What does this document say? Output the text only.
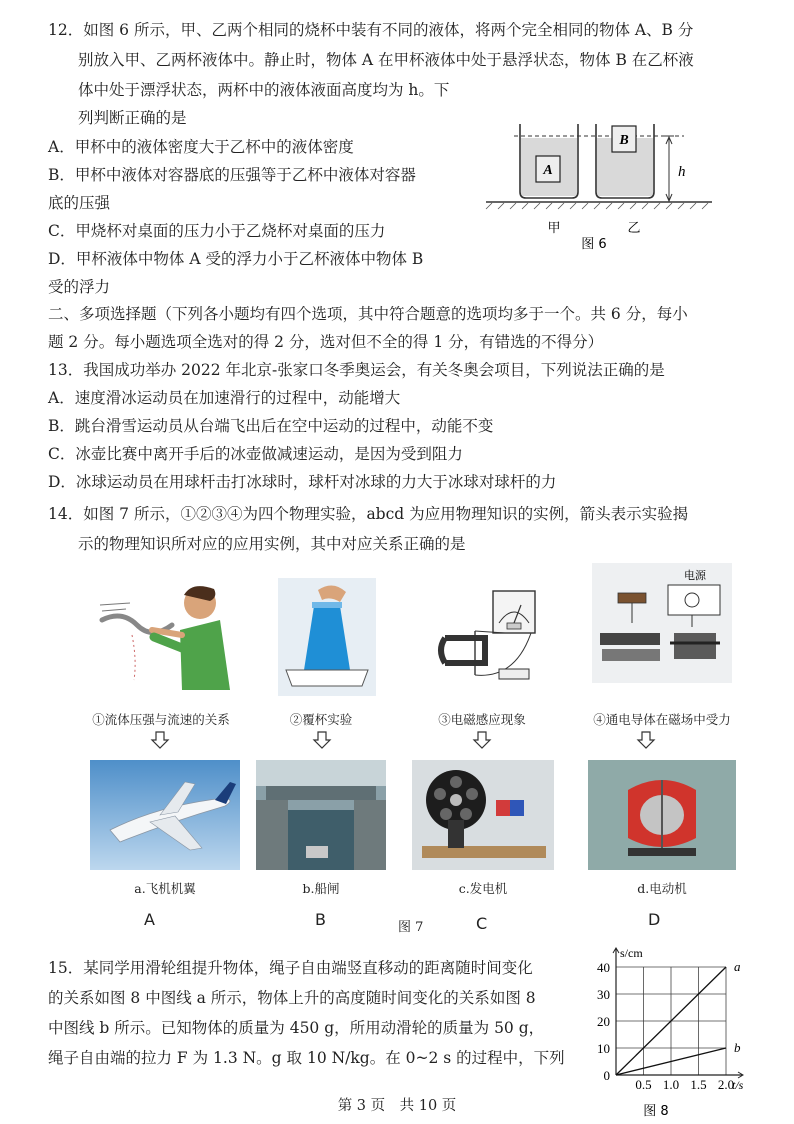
12．如图 6 所示，甲、乙两个相同的烧杯中装有不同的液体，将两个完全相同的物体 A、B 分
别放入甲、乙两杯液体中。静止时，物体 A 在甲杯液体中处于悬浮状态，物体 B 在乙杯液
体中处于漂浮状态，两杯中的液体液面高度均为 h。下
列判断正确的是
A．甲杯中的液体密度大于乙杯中的液体密度
B．甲杯中液体对容器底的压强等于乙杯中液体对容器
底的压强
C．甲烧杯对桌面的压力小于乙烧杯对桌面的压力
D．甲杯液体中物体 A 受的浮力小于乙杯液体中物体 B
受的浮力
A
B
h
甲	乙
图 6
二、多项选择题（下列各小题均有四个选项，其中符合题意的选项均多于一个。共 6 分，每小
题 2 分。每小题选项全选对的得 2 分，选对但不全的得 1 分，有错选的不得分）
13．我国成功举办 2022 年北京-张家口冬季奥运会，有关冬奥会项目，下列说法正确的是
A．速度滑冰运动员在加速滑行的过程中，动能增大
B．跳台滑雪运动员从台端飞出后在空中运动的过程中，动能不变
C．冰壶比赛中离开手后的冰壶做减速运动，是因为受到阻力
D．冰球运动员在用球杆击打冰球时，球杆对冰球的力大于冰球对球杆的力
14．如图 7 所示，①②③④为四个物理实验，abcd 为应用物理知识的实例，箭头表示实验揭
示的物理知识所对应的应用实例，其中对应关系正确的是
电源
①流体压强与流速的关系	②覆杯实验	③电磁感应现象	④通电导体在磁场中受力
a.飞机机翼	b.船闸	c.发电机	d.电动机
A	B	图 7	C	D
15．某同学用滑轮组提升物体，绳子自由端竖直移动的距离随时间变化
的关系如图 8 中图线 a 所示，物体上升的高度随时间变化的关系如图 8
中图线 b 所示。已知物体的质量为 450 g，所用动滑轮的质量为 50 g，
绳子自由端的拉力 F 为 1.3 N。g 取 10 N/kg。在 0~2 s 的过程中，下列
a
b
0
10
20
30
40
0.5 1.0 1.5 2.0
s/cm
t/s
图 8
第 3 页　共 10 页
